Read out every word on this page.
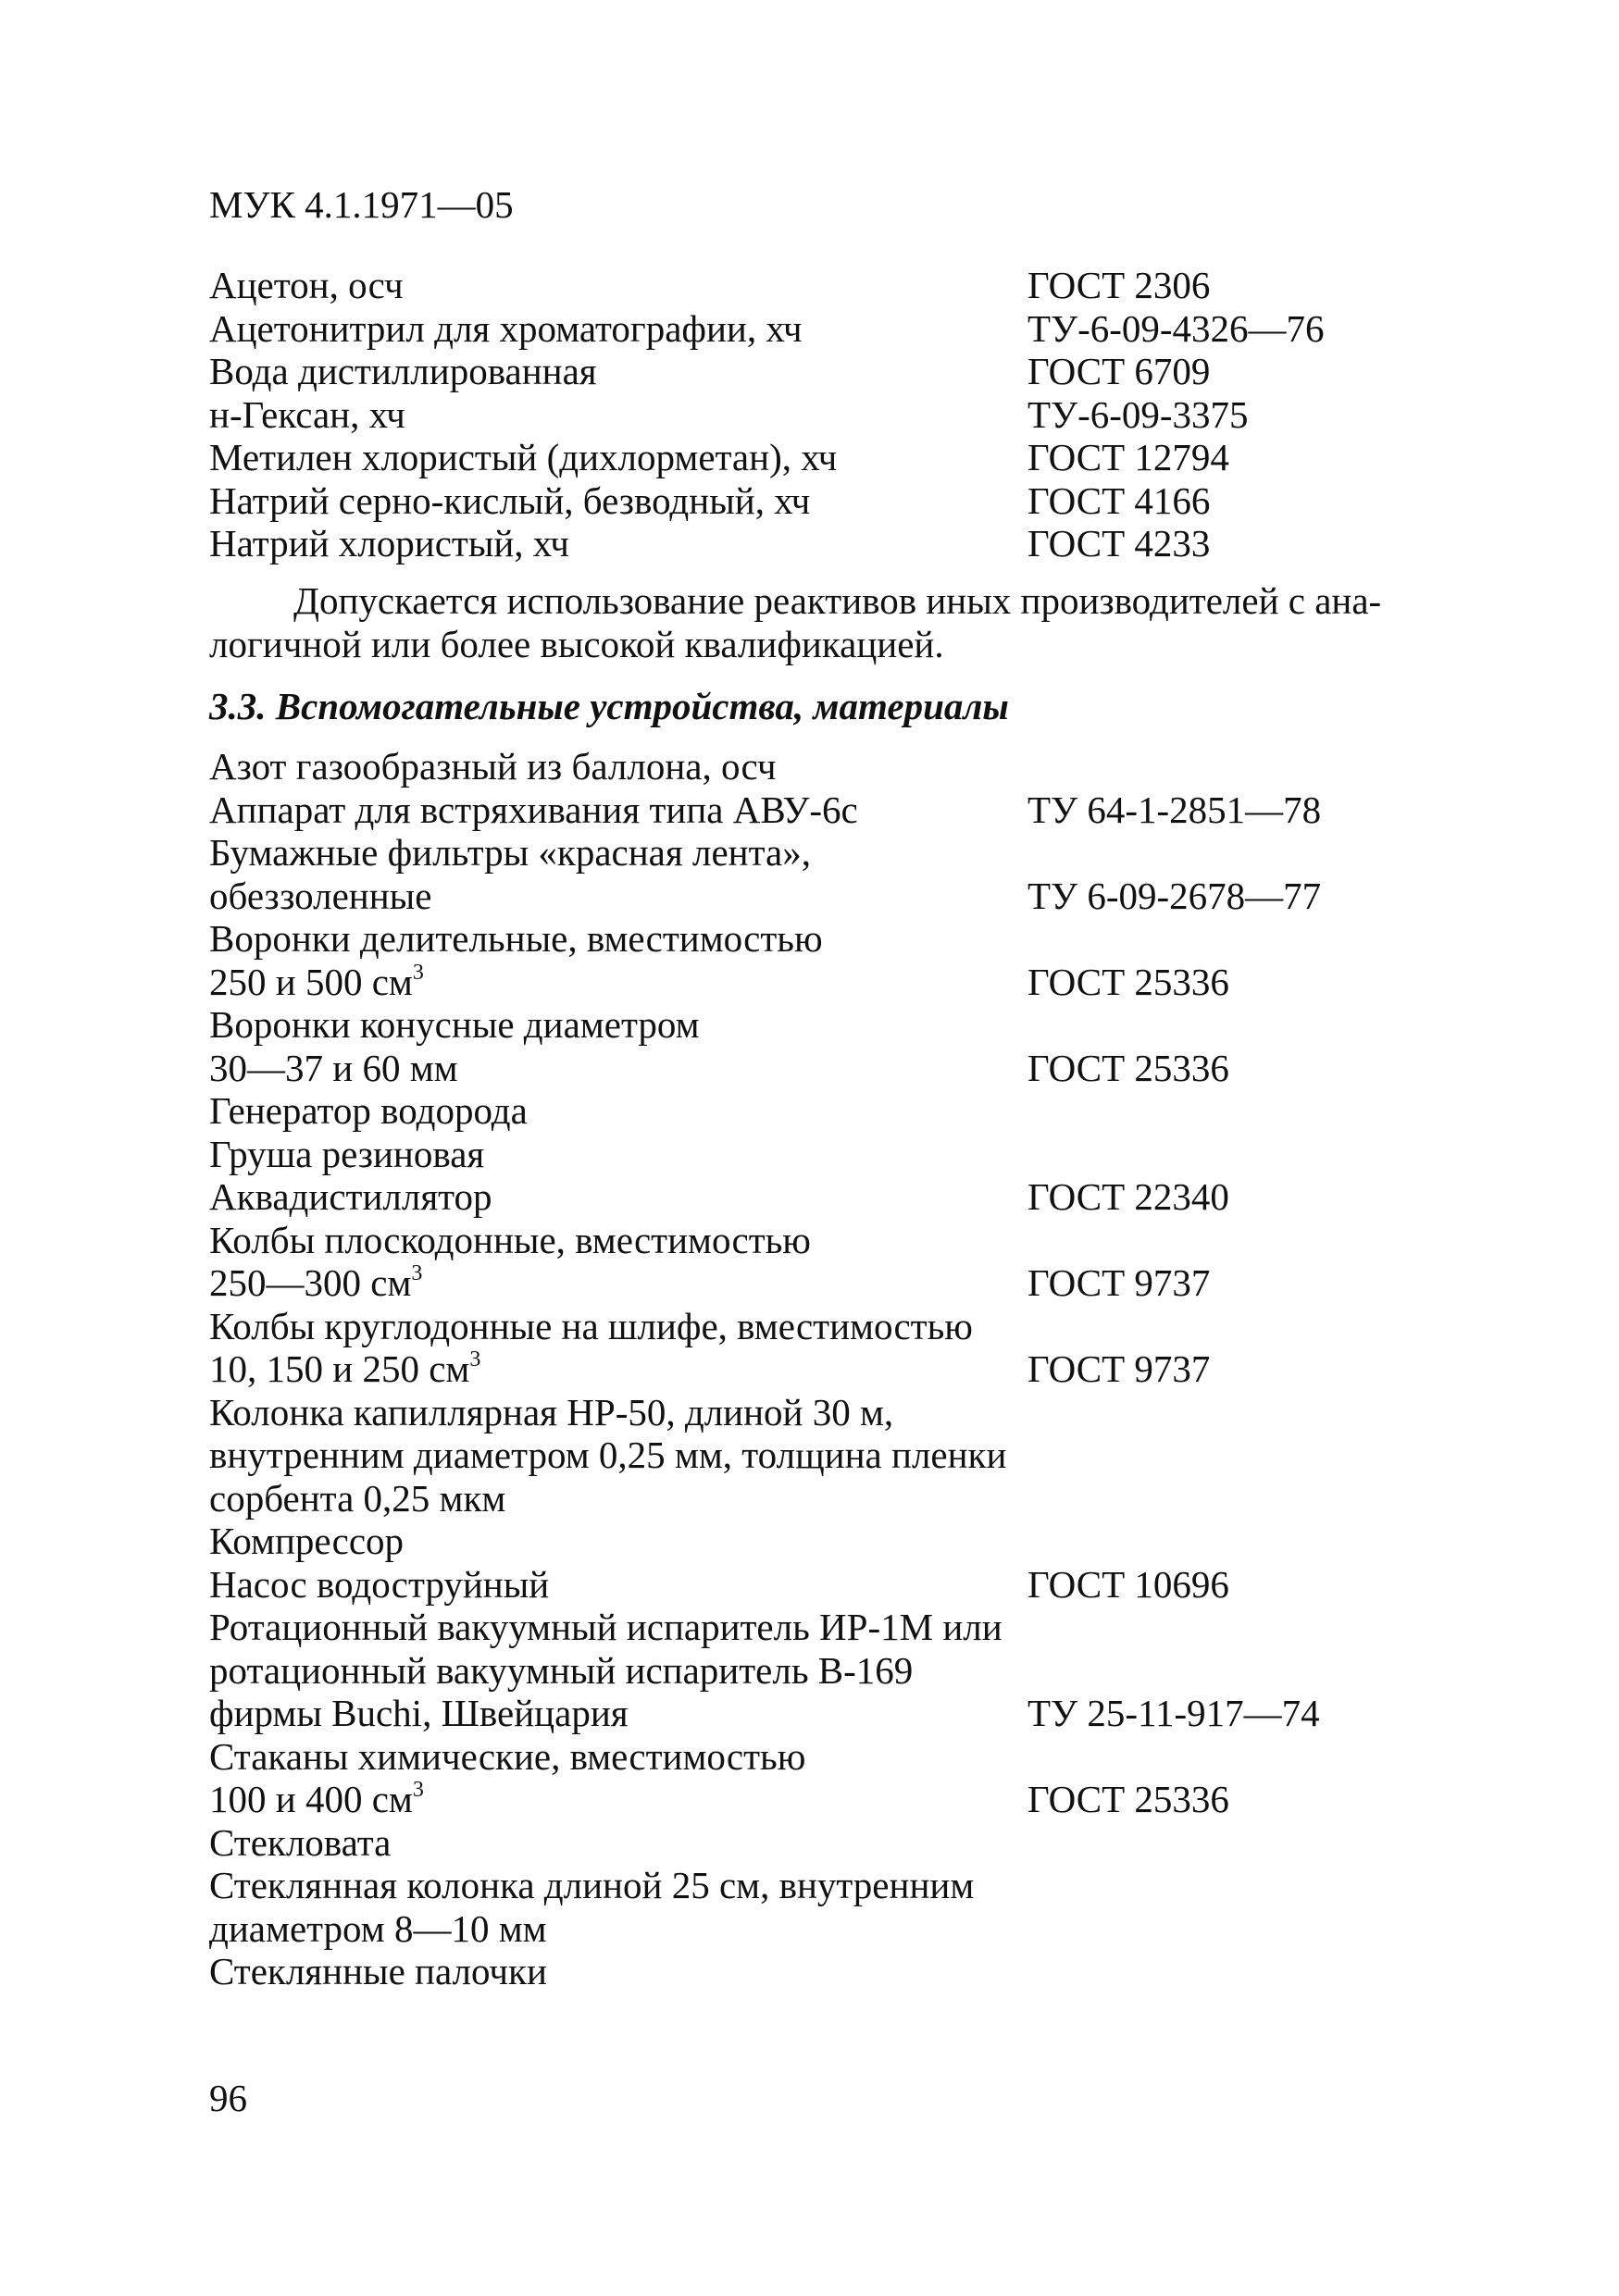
МУК 4.1.1971—05
Ацетон, осч	ГОСТ 2306
Ацетонитрил для хроматографии, хч	ТУ-6-09-4326—76
Вода дистиллированная	ГОСТ 6709
н-Гексан, хч	ТУ-6-09-3375
Метилен хлористый (дихлорметан), хч	ГОСТ 12794
Натрий серно-кислый, безводный, хч	ГОСТ 4166
Натрий хлористый, хч	ГОСТ 4233
Допускается использование реактивов иных производителей с ана-
логичной или более высокой квалификацией.
3.3. Вспомогательные устройства, материалы
Азот газообразный из баллона, осч
Аппарат для встряхивания типа АВУ-6с	ТУ 64-1-2851—78
Бумажные фильтры «красная лента»,
обеззоленные	ТУ 6-09-2678—77
Воронки делительные, вместимостью
250 и 500 $см^3$	ГОСТ 25336
Воронки конусные диаметром
30—37 и 60 мм	ГОСТ 25336
Генератор водорода
Груша резиновая
Аквадистиллятор	ГОСТ 22340
Колбы плоскодонные, вместимостью
250—300 $см^3$	ГОСТ 9737
Колбы круглодонные на шлифе, вместимостью
10, 150 и 250 $см^3$	ГОСТ 9737
Колонка капиллярная НР-50, длиной 30 м,
внутренним диаметром 0,25 мм, толщина пленки
сорбента 0,25 мкм
Компрессор
Насос водоструйный	ГОСТ 10696
Ротационный вакуумный испаритель ИР-1М или
ротационный вакуумный испаритель В-169
фирмы Buchi, Швейцария	ТУ 25-11-917—74
Стаканы химические, вместимостью
100 и 400 $см^3$	ГОСТ 25336
Стекловата
Стеклянная колонка длиной 25 см, внутренним
диаметром 8—10 мм
Стеклянные палочки
96
